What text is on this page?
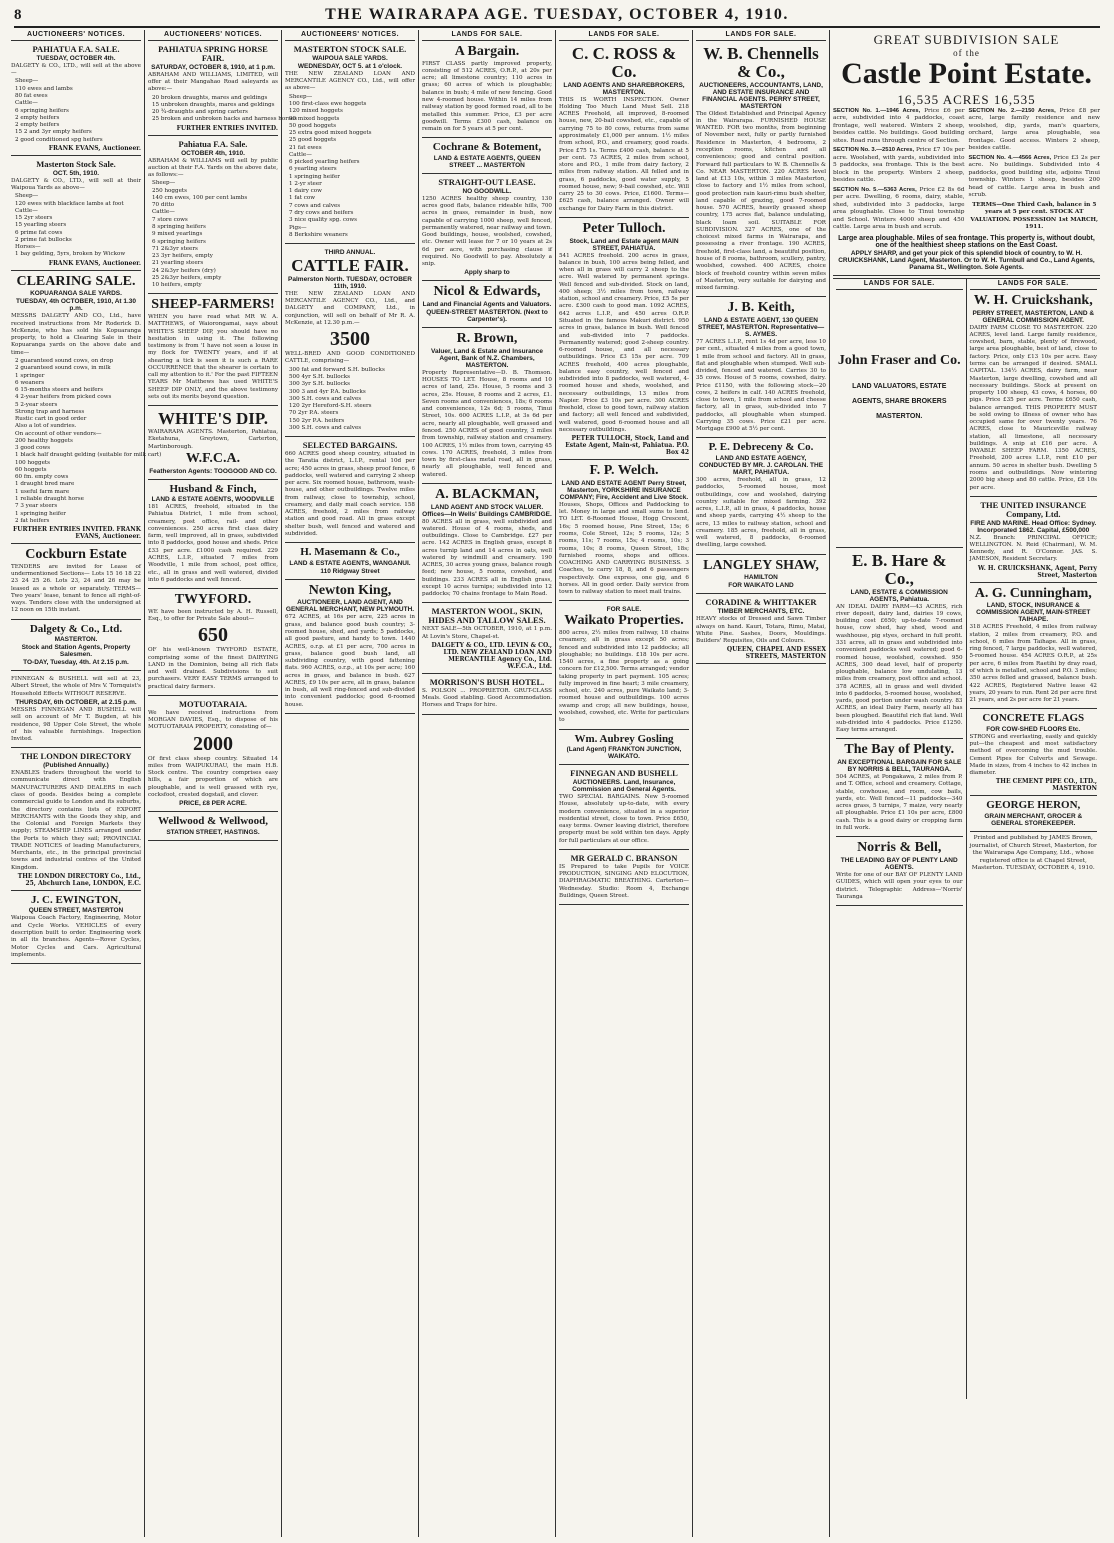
8	THE WAIRARAPA AGE. TUESDAY, OCTOBER 4, 1910.
AUCTIONEERS' NOTICES.
PAHIATUA F.A. SALE.
TUESDAY, OCTOBER 4th.
DALGETY & CO., LTD., will sell at the above—
Sheep—
110 ewes and lambs
80 fat ewes
Cattle—
6 springing heifers
2 empty heifers
2 empty heifers
15 2 and 3yr empty heifers
2 good conditioned spg heifers
FRANK EVANS, Auctioneer.
Masterton Stock Sale.
OCT. 5th, 1910.
DALGETY & CO., LTD., will sell at their Waipoua Yards as above—
Sheep—
120 ewes with blackface lambs at foot
Cattle—
15 2yr steers
15 yearling steers
6 prime fat cows
2 prime fat bullocks
Horses—
1 bay gelding, 5yrs, broken by Wickow
FRANK EVANS, Auctioneer.
CLEARING SALE.
KOPUARANGA SALE YARDS.
TUESDAY, 4th OCTOBER, 1910, At 1.30 p.m.
MESSRS DALGETY AND CO., Ltd., have received instructions from Mr Roderick D. McKenzie, who has sold his Kopuaranga property, to hold a Clearing Sale in their Kopuaranga yards on the above date and time—
2 guaranteed sound cows, on drop
2 guaranteed sound cows, in milk
1 springer
6 weaners
6 15-months steers and heifers
4 2-year heifers from picked cows
5 2-year steers
Strong trap and harness
Rustic cart in good order
Also a lot of sundries.
On account of other vendors—
200 healthy hoggets
3 good cows
1 black half draught gelding (suitable for milk cart)
100 hoggets
60 hoggets
60 fm. empty cows
1 draught bred mare
1 useful farm mare
1 reliable draught horse
7 3 year steers
1 springing heifer
2 fat heifers
FURTHER ENTRIES INVITED. FRANK EVANS, Auctioneer.
Cockburn Estate
TENDERS are invited for Lease of undermentioned Sections— Lots 15 16 18 22 23 24 25 26. Lots 23, 24 and 26 may be leased as a whole or separately. TERMS—Two years' lease, tenant to fence all right-of-ways. Tenders close with the undersigned at 12 noon on 15th instant.
Dalgety & Co., Ltd.
MASTERTON.
Stock and Station Agents, Property Salesmen.
TO-DAY, Tuesday, 4th. At 2.15 p.m.
FINNEGAN & BUSHELL will sell at 23, Albert Street, the whole of Mrs V. Tornquist's Household Effects WITHOUT RESERVE.
THURSDAY, 6th OCTOBER, at 2.15 p.m.
MESSRS FINNEGAN AND BUSHELL will sell on account of Mr T. Bugden, at his residence, 98 Upper Cole Street, the whole of his valuable furnishings. Inspection Invited.
THE LONDON DIRECTORY
(Published Annually.)
ENABLES traders throughout the world to communicate direct with English MANUFACTURERS AND DEALERS in each class of goods. Besides being a complete commercial guide to London and its suburbs, the directory contains lists of EXPORT MERCHANTS with the Goods they ship, and the Colonial and Foreign Markets they supply; STEAMSHIP LINES arranged under the Ports to which they sail; PROVINCIAL TRADE NOTICES of leading Manufacturers, Merchants, etc., in the principal provincial towns and industrial centres of the United Kingdom.
THE LONDON DIRECTORY Co., Ltd., 25, Abchurch Lane, LONDON, E.C.
J. C. EWINGTON,
QUEEN STREET, MASTERTON
Waipoua Coach Factory, Engineering, Motor and Cycle Works. VEHICLES of every description built to order. Engineering work in all its branches. Agents—Rover Cycles, Motor Cycles and Cars. Agricultural implements.
AUCTIONEERS' NOTICES.
PAHIATUA SPRING HORSE FAIR.
SATURDAY, OCTOBER 8, 1910, at 1 p.m.
ABRAHAM AND WILLIAMS, LIMITED, will offer at their Mangahao Road saleyards as above:—
20 broken draughts, mares and geldings
15 unbroken draughts, mares and geldings
20 ¾-draughts and spring carters
25 broken and unbroken hacks and harness horses
FURTHER ENTRIES INVITED.
Pahiatua F.A. Sale.
OCTOBER 4th, 1910.
ABRAHAM & WILLIAMS will sell by public auction at their F.A. Yards on the above date, as follows:—
Sheep—
250 hoggets
140 cm ewes, 100 per cent lambs
70 ditto
Cattle—
7 store cows
8 springing heifers
9 mixed yearlings
6 springing heifers
71 2&3yr steers
23 3yr heifers, empty
21 yearling steers
24 2&3yr heifers (dry)
25 2&3yr heifers, empty
10 heifers, empty
SHEEP-FARMERS!
WHEN you have read what MR W. A. MATTHEWS, of Waiorongamai, says about WHITE'S SHEEP DIP, you should have no hesitation in using it. The following testimony is from 'I have not seen a louse in my flock for TWENTY years, and if at shearing a tick is seen it is such a RARE OCCURRENCE that the shearer is certain to call my attention to it.' For the past FIFTEEN YEARS Mr Matthews has used WHITE'S SHEEP DIP ONLY, and the above testimony sets out its merits beyond question.
WHITE'S DIP.
WAIRARAPA AGENTS. Masterton, Pahiatua, Eketahuna, Greytown, Carterton, Martinborough.
W.F.C.A.
Featherston Agents: TOOGOOD AND CO.
Husband & Finch,
LAND & ESTATE AGENTS, WOODVILLE
181 ACRES, freehold, situated in the Pahiatua District, 1 mile from school, creamery, post office, rail- and other conveniences. 250 acres first class dairy farm, well improved, all in grass, subdivided into 8 paddocks, good house and sheds. Price £33 per acre. £1000 cash required. 229 ACRES, L.I.P., situated 7 miles from Woodville, 1 mile from school, post office, etc., all in grass and well watered, divided into 6 paddocks and well fenced.
TWYFORD.
WE have been instructed by A. H. Russell, Esq., to offer for Private Sale about—
650
OF his well-known TWYFORD ESTATE, comprising some of the finest DAIRYING LAND in the Dominion, being all rich flats and well drained. Subdivisions to suit purchasers. VERY EASY TERMS arranged to practical dairy farmers.
MOTUOTARAIA.
We have received instructions from MORGAN DAVIES, Esq., to dispose of his MOTUOTARAIA PROPERTY, consisting of—
2000
Of first class sheep country. Situated 14 miles from WAIPUKURAU, the main H.B. Stock centre. The country comprises easy hills, a fair proportion of which are ploughable, and is well grassed with rye, cocksfoot, crested dogstail, and clover.
PRICE, £8 PER ACRE.
Wellwood & Wellwood,
STATION STREET, HASTINGS.
AUCTIONEERS' NOTICES.
MASTERTON STOCK SALE.
WAIPOUA SALE YARDS.
WEDNESDAY, OCT 5. at 1 o'clock.
THE NEW ZEALAND LOAN AND MERCANTILE AGENCY CO., Ltd., will offer as above—
Sheep—
100 first-class ewe hoggets
120 mixed hoggets
90 mixed hoggets
50 good hoggets
25 extra good mixed hoggets
25 good hoggets
21 fat ewes
Cattle—
6 picked yearling heifers
6 yearling steers
1 springing heifer
1 2-yr steer
1 dairy cow
1 fat cow
7 cows and calves
7 dry cows and heifers
3 nice quality spg. cows
Pigs—
8 Berkshire weaners
THIRD ANNUAL.
CATTLE FAIR.
Palmerston North. TUESDAY, OCTOBER 11th, 1910.
THE NEW ZEALAND LOAN AND MERCANTILE AGENCY CO., Ltd., and DALGETY and COMPANY, Ltd., in conjunction, will sell on behalf of Mr R. A. McKenzie, at 12.30 p.m.—
3500
WELL-BRED AND GOOD CONDITIONED CATTLE, comprising—
300 fat and forward S.H. bullocks
500 4yr S.H. bullocks
300 3yr S.H. bullocks
300 3 and 4yr P.A. bullocks
300 S.H. cows and calves
120 2yr Hereford-S.H. steers
70 2yr P.A. steers
150 2yr P.A. heifers
300 S.H. cows and calves
SELECTED BARGAINS.
660 ACRES good sheep country, situated in the Taratia district, L.I.P., rental 10d per acre; 450 acres in grass, sheep proof fence, 6 paddocks, well watered and carrying 2 sheep per acre. Six roomed house, bathroom, wash-house, and other outbuildings. Twelve miles from railway, close to township, school, creamery, and daily mail coach service. 158 ACRES, freehold, 2 miles from railway station and good road. All in grass except shelter bush, well fenced and watered and subdivided.
H. Masemann & Co.,
LAND & ESTATE AGENTS, WANGANUI.
110 Ridgway Street
Newton King,
AUCTIONEER, LAND AGENT, AND GENERAL MERCHANT, NEW PLYMOUTH.
672 ACRES, at 16s per acre, 225 acres in grass, and balance good bush country; 3-roomed house, shed, and yards; 5 paddocks, all good pasture, and handy to town. 1440 ACRES, o.r.p. at £1 per acre, 700 acres in grass, balance good bush land, all subdividing country, with good fattening flats. 960 ACRES, o.r.p., at 10s per acre; 160 acres in grass, and balance in bush. 627 ACRES, £9 10s per acre, all in grass, balance in bush, all well ring-fenced and sub-divided into convenient paddocks; good 6-roomed house.
LANDS FOR SALE.
A Bargain.
FIRST CLASS partly improved property, consisting of 512 ACRES, O.R.P., at 20s per acre; all limestone country; 110 acres in grass; 60 acres of which is ploughable; balance in bush; 4 mile of new fencing. Good new 4-roomed house. Within 14 miles from railway station by good formed road, all to be metalled this summer. Price, £3 per acre goodwill. Terms £300 cash, balance on remain on for 5 years at 5 per cent.
Cochrane & Botement,
LAND & ESTATE AGENTS, QUEEN STREET ... MASTERTON
STRAIGHT-OUT LEASE.
NO GOODWILL.
1250 ACRES healthy sheep country, 130 acres good flats, balance rideable hills, 700 acres in grass, remainder in bush, now capable of carrying 1000 sheep, well fenced, permanently watered, near railway and town. Good buildings, house, woolshed, cowshed, etc. Owner will lease for 7 or 10 years at 2s 6d per acre, with purchasing clause if required. No Goodwill to pay. Absolutely a snip.
Apply sharp to
Nicol & Edwards,
Land and Financial Agents and Valuators.
QUEEN-STREET MASTERTON. (Next to Carpenter's).
R. Brown,
Valuer, Land & Estate and Insurance Agent, Bank of N.Z. Chambers, MASTERTON.
Property Representative—D. B. Thomson. HOUSES TO LET. House, 8 rooms and 10 acres of land, 25s. House, 5 rooms and 3 acres, 25s. House, 8 rooms and 2 acres, £1. Seven rooms and conveniences, 18s; 6 rooms and conveniences, 12s 6d; 5 rooms, Tinui Street, 10s. 600 ACRES L.I.P., at 3s 6d per acre, nearly all ploughable, well grassed and fenced. 250 ACRES of good country, 3 miles from township, railway station and creamery. 100 ACRES, 1½ miles from town, carrying 45 cows. 170 ACRES, freehold, 3 miles from town by first-class metal road, all in grass, nearly all ploughable, well fenced and watered.
A. BLACKMAN,
LAND AGENT AND STOCK VALUER. Offices—In Wells' Buildings CAMBRIDGE.
80 ACRES all in grass, well subdivided and watered. House of 4 rooms, sheds, and outbuildings. Close to Cambridge. £27 per acre. 142 ACRES in English grass, except 8 acres turnip land and 14 acres in oats, well watered by windmill and creamery. 190 ACRES, 30 acres young grass, balance rough feed; new house, 5 rooms, cowshed, and buildings. 233 ACRES all in English grass, except 10 acres turnips; subdivided into 12 paddocks; 70 chains frontage to Main Road.
MASTERTON WOOL, SKIN, HIDES AND TALLOW SALES.
NEXT SALE—5th OCTOBER, 1910, at 1 p.m. At Lovin's Store, Chapel-st.
DALGETY & CO., LTD. LEVIN & CO., LTD. NEW ZEALAND LOAN AND MERCANTILE Agency Co., Ltd. W.F.C.A., Ltd.
MORRISON'S BUSH HOTEL.
S. POLSON ... PROPRIETOR. GRUT-CLASS Meals. Good stabling. Good Accommodation. Horses and Traps for hire.
LANDS FOR SALE.
C. C. ROSS & Co.
LAND AGENTS AND SHAREBROKERS, MASTERTON.
THIS IS WORTH INSPECTION. Owner Holding Too Much Land Must Sell. 218 ACRES Freehold, all improved, 8-roomed house, new, 20-bail cowshed, etc., capable of carrying 75 to 80 cows, returns from same approximately £1,000 per annum. 1½ miles from school, P.O., and creamery, good roads. Price £75 1s. Terms £400 cash, balance at 5 per cent. 73 ACRES, 2 miles from school, store and P.O., 1 mile from dairy factory, 2 miles from railway station. All felled and in grass, 6 paddocks, good water supply, 5 roomed house, new; 9-bail cowshed, etc. Will carry 25 to 30 cows. Price, £1600. Terms—£625 cash, balance arranged. Owner will exchange for Dairy Farm in this district.
Peter Tulloch.
Stock, Land and Estate agent MAIN STREET, PAHIATUA.
541 ACRES freehold. 200 acres in grass, balance in bush, 100 acres being felled, and when all in grass will carry 2 sheep to the acre. Well watered by permanent springs. Well fenced and sub-divided. Stock on land, 400 sheep; 3½ miles from town, railway station, school and creamery. Price, £5 5s per acre. £300 cash to good man. 1092 ACRES, 642 acres L.I.P., and 450 acres O.R.P. Situated in the famous Makuri district. 950 acres in grass, balance in bush. Well fenced and sub-divided into 7 paddocks. Permanently watered; good 2-sheep country. 6-roomed house, and all necessary outbuildings. Price £3 15s per acre. 709 ACRES freehold, 400 acres ploughable, balance easy country, well fenced and subdivided into 8 paddocks, well watered, 4-roomed house and sheds, woolshed, and necessary outbuildings, 13 miles from Napier. Price £3 10s per acre. 300 ACRES freehold, close to good town, railway station and factory; all well fenced and subdivided, well watered, good 6-roomed house and all necessary outbuildings.
PETER TULLOCH, Stock, Land and Estate Agent, Main-st, Pahiatua. P.O. Box 42
F. P. Welch.
LAND AND ESTATE AGENT Perry Street, Masterton, YORKSHIRE INSURANCE COMPANY; Fire, Accident and Live Stock.
Houses, Shops, Offices and Paddocking to let. Money in large and small sums to lend. TO LET. 6-Roomed House, Hogg Crescent, 16s; 5 roomed house, Pine Street, 15s; 6 rooms, Cole Street, 12s; 5 rooms, 12s; 5 rooms, 11s; 7 rooms, 15s; 4 rooms, 10s; 3 rooms, 10s; 8 rooms, Queen Street, 18s; furnished rooms, shops and offices. COACHING AND CARRYING BUSINESS. 3 Coaches, to carry 18, 8, and 6 passengers respectively. One express, one gig, and 6 horses. All in good order. Daily service from town to railway station to meet mail trains.
FOR SALE.
Waikato Properties.
800 acres, 2½ miles from railway, 18 chains creamery, all in grass except 50 acres; fenced and subdivided into 12 paddocks; all ploughable; no buildings. £18 10s per acre. 1540 acres, a fine property as a going concern for £12,500. Terms arranged; vendor taking property in part payment. 105 acres; fully improved in fine heart; 3 mile creamery, school, etc. 240 acres, pure Waikato land; 3-roomed house and outbuildings. 100 acres swamp and crop; all new buildings, house, woolshed, cowshed, etc. Write for particulars to
Wm. Aubrey Gosling
(Land Agent) FRANKTON JUNCTION, WAIKATO.
FINNEGAN AND BUSHELL
AUCTIONEERS. Land, Insurance, Commission and General Agents.
TWO SPECIAL BARGAINS. New 5-roomed House, absolutely up-to-date, with every modern convenience, situated in a superior residential street, close to town. Price £650, easy terms. Owner leaving district, therefore property must be sold within ten days. Apply for full particulars at our office.
MR GERALD C. BRANSON
IS Prepared to take Pupils for VOICE PRODUCTION, SINGING AND ELOCUTION, DIAPHRAGMATIC BREATHING. Carterton—Wednesday. Studio: Room 4, Exchange Buildings, Queen Street.
LANDS FOR SALE.
W. B. Chennells & Co.,
AUCTIONEERS, ACCOUNTANTS, LAND, AND ESTATE INSURANCE AND FINANCIAL AGENTS. PERRY STREET, MASTERTON
The Oldest Established and Principal Agency in the Wairarapa. FURNISHED HOUSE WANTED. FOR two months, from beginning of November next, fully or partly furnished Residence in Masterton, 4 bedrooms, 2 reception rooms, kitchen and all conveniences; good and central position. Forward full particulars to W. B. Chennells & Co. NEAR MASTERTON. 220 ACRES level land at £13 10s, within 3 miles Masterton, close to factory and 1½ miles from school, good protection rain kauri-rimu bush shelter, land capable of grazing, good 7-roomed house. 570 ACRES, heavily grassed sheep country, 175 acres flat, balance undulating, black loam soil. SUITABLE FOR SUBDIVISION. 327 ACRES, one of the choicest mixed farms in Wairarapa, and possessing a river frontage. 190 ACRES, freehold, first-class land, a beautiful position, house of 8 rooms, bathroom, scullery, pantry, woolshed, cowshed. 400 ACRES, choice block of freehold country within seven miles of Masterton, very suitable for dairying and mixed farming.
J. B. Keith,
LAND & ESTATE AGENT, 130 QUEEN STREET, MASTERTON. Representative—S. AYMES.
77 ACRES L.I.P., rent 1s 4d per acre, less 10 per cent., situated 4 miles from a good town, 1 mile from school and factory. All in grass, flat and ploughable when stumped. Well sub-divided, fenced and watered. Carries 30 to 35 cows. House of 5 rooms, cowshed, dairy. Price £1150, with the following stock—20 cows, 2 heifers in calf. 140 ACRES freehold, close to town, 1 mile from school and cheese factory, all in grass, sub-divided into 7 paddocks, all ploughable when stumped. Carrying 35 cows. Price £21 per acre. Mortgage £900 at 5½ per cent.
P. E. Debreceny & Co.
LAND AND ESTATE AGENCY, CONDUCTED BY MR. J. CAROLAN. THE MART, PAHIATUA.
300 acres, freehold, all in grass, 12 paddocks, 5-roomed house, most outbuildings, cow and woolshed, dairying country suitable for mixed farming. 392 acres, L.I.P., all in grass, 4 paddocks, house and sheep yards, carrying 4½ sheep to the acre, 13 miles to railway station, school and creamery. 185 acres, freehold, all in grass, well watered, 8 paddocks, 6-roomed dwelling, large cowshed.
LANGLEY SHAW,
HAMILTON
FOR WAIKATO LAND
CORADINE & WHITTAKER
TIMBER MERCHANTS, ETC.
HEAVY stocks of Dressed and Sawn Timber always on hand. Kauri, Totara, Rimu, Matai, White Pine. Sashes, Doors, Mouldings. Builders' Requisites, Oils and Colours.
QUEEN, CHAPEL AND ESSEX STREETS, MASTERTON
GREAT SUBDIVISION SALE
of the
Castle Point Estate.
16,535 ACRES 16,535
SECTION No. 1.—1946 Acres, Price £6 per acre, subdivided into 4 paddocks, coast frontage, well watered. Winters 2 sheep, besides cattle. No buildings. Good building sites. Road runs through centre of Section.
SECTION No. 3.—2510 Acres, Price £7 10s per acre. Woolshed, with yards, subdivided into 5 paddocks, sea frontage. This is the best block in the property. Winters 2 sheep, besides cattle.
SECTION No. 5.—5363 Acres, Price £2 8s 6d per acre. Dwelling, 6 rooms, dairy, stable, shed, subdivided into 3 paddocks, large area ploughable. Close to Tinui township and School. Winters 4000 sheep and 450 cattle. Large area in bush and scrub.
SECTION No. 2.—2150 Acres, Price £8 per acre, large family residence and new woolshed, dip, yards, man's quarters, orchard, large area ploughable, sea frontage. Good access. Winters 2 sheep, besides cattle.
SECTION No. 4.—4566 Acres, Price £3 2s per acre. No buildings. Subdivided into 4 paddocks, good building site, adjoins Tinui township. Winters 1 sheep, besides 200 head of cattle. Large area in bush and scrub.
TERMS—One Third Cash, balance in 5 years at 5 per cent. STOCK AT VALUATION. POSSESSION 1st MARCH, 1911.
Large area ploughable. Miles of sea frontage. This property is, without doubt, one of the healthiest sheep stations on the East Coast.
APPLY SHARP, and get your pick of this splendid block of country, to W. H. CRUICKSHANK, Land Agent, Masterton. Or to W. H. Turnbull and Co., Land Agents, Panama St., Wellington. Sole Agents.
LANDS FOR SALE.
John Fraser and Co.
LAND VALUATORS, ESTATE AGENTS, SHARE BROKERS MASTERTON.
E. B. Hare & Co.,
LAND, ESTATE & COMMISSION AGENTS, Pahiatua.
AN IDEAL DAIRY FARM—43 ACRES, rich river deposit, dairy land, dairies 19 cows, building cost £650; up-to-date 7-roomed house, cow shed, hay shed, wood and washhouse, pig styes, orchard in full profit. 331 acres, all in grass and subdivided into convenient paddocks well watered; good 6-roomed house, woolshed, cowshed. 950 ACRES, 300 dead level, half of property ploughable, balance low undulating, 13 miles from creamery, post office and school. 378 ACRES, all in grass and well divided into 6 paddocks, 5-roomed house, woolshed, yards, good portion under wash country. 83 ACRES, an ideal Dairy Farm, nearly all has been ploughed. Beautiful rich flat land. Well sub-divided into 4 paddocks. Price £1250. Easy terms arranged.
The Bay of Plenty.
AN EXCEPTIONAL BARGAIN FOR SALE BY NORRIS & BELL, TAURANGA.
504 ACRES, at Pongakawa, 2 miles from P. and T. Office, school and creamery. Cottage, stable, cowhouse, and room, cow bails, yards, etc. Well fenced—11 paddocks—340 acres grass, 5 turnips, 7 maize, very nearly all ploughable. Price £1 10s per acre, £800 cash. This is a good dairy or cropping farm in full work.
Norris & Bell,
THE LEADING BAY OF PLENTY LAND AGENTS.
Write for one of our BAY OF PLENTY LAND GUIDES, which will open your eyes to our district. Telegraphic Address—'Norris' Tauranga
LANDS FOR SALE.
W. H. Cruickshank,
PERRY STREET, MASTERTON, LAND & GENERAL COMMISSION AGENT.
DAIRY FARM CLOSE TO MASTERTON. 220 ACRES, level land. Large family residence, cowshed, barn, stable, plenty of firewood, large area ploughable, best of land, close to factory. Price, only £13 10s per acre. Easy terms can be arranged if desired. SMALL CAPITAL. 134½ ACRES, dairy farm, near Masterton, large dwelling, cowshed and all necessary buildings. Stock at present on property 100 sheep, 43 cows, 4 horses, 60 pigs. Price £35 per acre. Terms £650 cash, balance arranged. THIS PROPERTY MUST be sold owing to illness of owner who has occupied same for over twenty years. 76 ACRES, close to Mauriceville railway station, all limestone, all necessary buildings. A snip at £16 per acre. A PAYABLE SHEEP FARM. 1350 ACRES, Freehold, 200 acres L.I.P., rent £10 per annum. 50 acres in shelter bush. Dwelling 5 rooms and outbuildings. Now wintering 2000 big sheep and 80 cattle. Price, £8 10s per acre.
THE UNITED INSURANCE Company, Ltd.
FIRE AND MARINE. Head Office: Sydney. Incorporated 1862. Capital, £500,000
N.Z. Branch: PRINCIPAL OFFICE; WELLINGTON. N. Reid (Chairman), W. M. Kennedy, and R. O'Connor. JAS. S. JAMESON, Resident Secretary.
W. H. CRUICKSHANK, Agent, Perry Street, Masterton
A. G. Cunningham,
LAND, STOCK, INSURANCE & COMMISSION AGENT, MAIN-STREET TAIHAPE.
318 ACRES Freehold, 4 miles from railway station, 2 miles from creamery, P.O. and school, 6 miles from Taihape. All in grass, ring fenced, 7 large paddocks, well watered, 5-roomed house. 454 ACRES O.R.P., at 25s per acre, 6 miles from Raetihi by dray road, of which is metalled, school and P.O. 3 miles; 350 acres felled and grassed, balance bush. 422 ACRES, Registered Native lease 42 years, 20 years to run. Rent 2d per acre first 21 years, and 2s per acre for 21 years.
CONCRETE FLAGS
FOR COW-SHED FLOORS Etc.
STRONG and everlasting, easily and quickly put—the cheapest and most satisfactory method of overcoming the mud trouble. Cement Pipes for Culverts and Sewage. Made in sizes, from 4 inches to 42 inches in diameter.
THE CEMENT PIPE CO., LTD., MASTERTON
GEORGE HERON,
GRAIN MERCHANT, GROCER & GENERAL STOREKEEPER.
Printed and published by JAMES Brown, journalist, of Church Street, Masterton, for the Wairarapa Age Company, Ltd., whose registered office is at Chapel Street, Masterton. TUESDAY, OCTOBER 4, 1910.
